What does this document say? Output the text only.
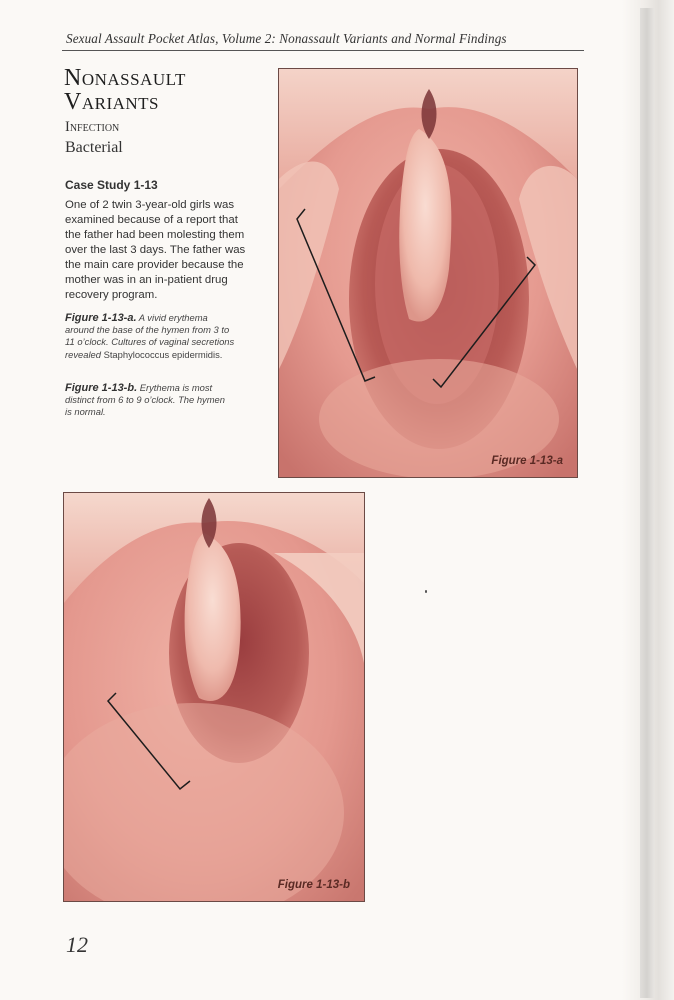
Sexual Assault Pocket Atlas, Volume 2: Nonassault Variants and Normal Findings
Nonassault
Variants
Infection
Bacterial
Case Study 1-13
One of 2 twin 3-year-old girls was
examined because of a report that
the father had been molesting them
over the last 3 days. The father was
the main care provider because the
mother was in an in-patient drug
recovery program.
Figure 1-13-a. A vivid erythema
around the base of the hymen from 3 to
11 o’clock. Cultures of vaginal secretions
revealed Staphylococcus epidermidis.
Figure 1-13-b. Erythema is most
distinct from 6 to 9 o’clock. The hymen
is normal.
Figure 1-13-a
Figure 1-13-b
12
